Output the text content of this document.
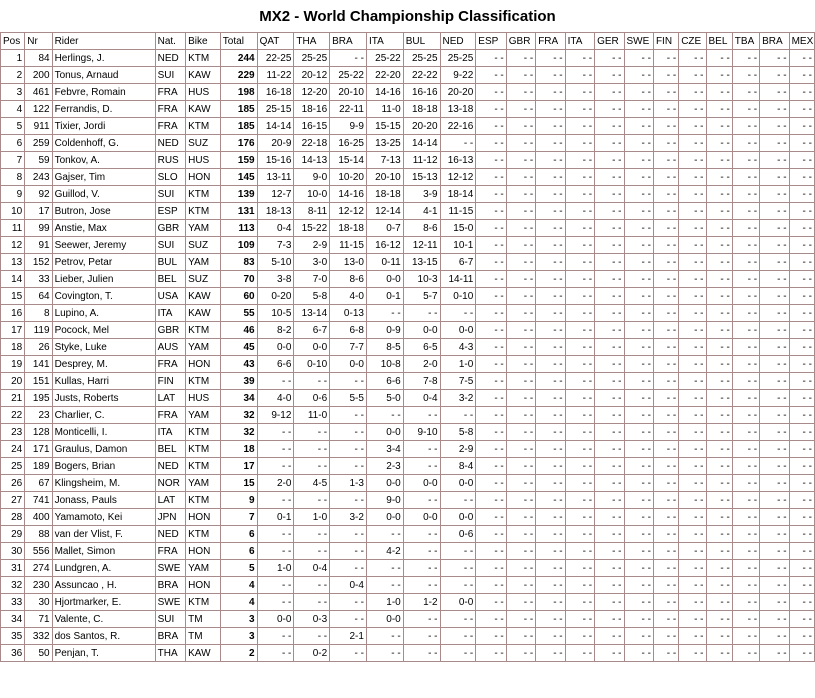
MX2 - World Championship Classification
Pos	Nr	Rider	Nat.	Bike	Total	QAT	THA	BRA	ITA	BUL	NED	ESP	GBR	FRA	ITA	GER	SWE	FIN	CZE	BEL	TBA	BRA	MEX
1	84	Herlings, J.	NED	KTM	244	22-25	25-25	- -	25-22	25-25	25-25	- -	- -	- -	- -	- -	- -	- -	- -	- -	- -	- -	- -
2	200	Tonus, Arnaud	SUI	KAW	229	11-22	20-12	25-22	22-20	22-22	9-22	- -	- -	- -	- -	- -	- -	- -	- -	- -	- -	- -	- -
3	461	Febvre, Romain	FRA	HUS	198	16-18	12-20	20-10	14-16	16-16	20-20	- -	- -	- -	- -	- -	- -	- -	- -	- -	- -	- -	- -
4	122	Ferrandis, D.	FRA	KAW	185	25-15	18-16	22-11	11-0	18-18	13-18	- -	- -	- -	- -	- -	- -	- -	- -	- -	- -	- -	- -
5	911	Tixier, Jordi	FRA	KTM	185	14-14	16-15	9-9	15-15	20-20	22-16	- -	- -	- -	- -	- -	- -	- -	- -	- -	- -	- -	- -
6	259	Coldenhoff, G.	NED	SUZ	176	20-9	22-18	16-25	13-25	14-14	- -	- -	- -	- -	- -	- -	- -	- -	- -	- -	- -	- -	- -
7	59	Tonkov, A.	RUS	HUS	159	15-16	14-13	15-14	7-13	11-12	16-13	- -	- -	- -	- -	- -	- -	- -	- -	- -	- -	- -	- -
8	243	Gajser, Tim	SLO	HON	145	13-11	9-0	10-20	20-10	15-13	12-12	- -	- -	- -	- -	- -	- -	- -	- -	- -	- -	- -	- -
9	92	Guillod, V.	SUI	KTM	139	12-7	10-0	14-16	18-18	3-9	18-14	- -	- -	- -	- -	- -	- -	- -	- -	- -	- -	- -	- -
10	17	Butron, Jose	ESP	KTM	131	18-13	8-11	12-12	12-14	4-1	11-15	- -	- -	- -	- -	- -	- -	- -	- -	- -	- -	- -	- -
11	99	Anstie, Max	GBR	YAM	113	0-4	15-22	18-18	0-7	8-6	15-0	- -	- -	- -	- -	- -	- -	- -	- -	- -	- -	- -	- -
12	91	Seewer, Jeremy	SUI	SUZ	109	7-3	2-9	11-15	16-12	12-11	10-1	- -	- -	- -	- -	- -	- -	- -	- -	- -	- -	- -	- -
13	152	Petrov, Petar	BUL	YAM	83	5-10	3-0	13-0	0-11	13-15	6-7	- -	- -	- -	- -	- -	- -	- -	- -	- -	- -	- -	- -
14	33	Lieber, Julien	BEL	SUZ	70	3-8	7-0	8-6	0-0	10-3	14-11	- -	- -	- -	- -	- -	- -	- -	- -	- -	- -	- -	- -
15	64	Covington, T.	USA	KAW	60	0-20	5-8	4-0	0-1	5-7	0-10	- -	- -	- -	- -	- -	- -	- -	- -	- -	- -	- -	- -
16	8	Lupino, A.	ITA	KAW	55	10-5	13-14	0-13	- -	- -	- -	- -	- -	- -	- -	- -	- -	- -	- -	- -	- -	- -	- -
17	119	Pocock, Mel	GBR	KTM	46	8-2	6-7	6-8	0-9	0-0	0-0	- -	- -	- -	- -	- -	- -	- -	- -	- -	- -	- -	- -
18	26	Styke, Luke	AUS	YAM	45	0-0	0-0	7-7	8-5	6-5	4-3	- -	- -	- -	- -	- -	- -	- -	- -	- -	- -	- -	- -
19	141	Desprey, M.	FRA	HON	43	6-6	0-10	0-0	10-8	2-0	1-0	- -	- -	- -	- -	- -	- -	- -	- -	- -	- -	- -	- -
20	151	Kullas, Harri	FIN	KTM	39	- -	- -	- -	6-6	7-8	7-5	- -	- -	- -	- -	- -	- -	- -	- -	- -	- -	- -	- -
21	195	Justs, Roberts	LAT	HUS	34	4-0	0-6	5-5	5-0	0-4	3-2	- -	- -	- -	- -	- -	- -	- -	- -	- -	- -	- -	- -
22	23	Charlier, C.	FRA	YAM	32	9-12	11-0	- -	- -	- -	- -	- -	- -	- -	- -	- -	- -	- -	- -	- -	- -	- -	- -
23	128	Monticelli, I.	ITA	KTM	32	- -	- -	- -	0-0	9-10	5-8	- -	- -	- -	- -	- -	- -	- -	- -	- -	- -	- -	- -
24	171	Graulus, Damon	BEL	KTM	18	- -	- -	- -	3-4	- -	2-9	- -	- -	- -	- -	- -	- -	- -	- -	- -	- -	- -	- -
25	189	Bogers, Brian	NED	KTM	17	- -	- -	- -	2-3	- -	8-4	- -	- -	- -	- -	- -	- -	- -	- -	- -	- -	- -	- -
26	67	Klingsheim, M.	NOR	YAM	15	2-0	4-5	1-3	0-0	0-0	0-0	- -	- -	- -	- -	- -	- -	- -	- -	- -	- -	- -	- -
27	741	Jonass, Pauls	LAT	KTM	9	- -	- -	- -	9-0	- -	- -	- -	- -	- -	- -	- -	- -	- -	- -	- -	- -	- -	- -
28	400	Yamamoto, Kei	JPN	HON	7	0-1	1-0	3-2	0-0	0-0	0-0	- -	- -	- -	- -	- -	- -	- -	- -	- -	- -	- -	- -
29	88	van der Vlist, F.	NED	KTM	6	- -	- -	- -	- -	- -	0-6	- -	- -	- -	- -	- -	- -	- -	- -	- -	- -	- -	- -
30	556	Mallet, Simon	FRA	HON	6	- -	- -	- -	4-2	- -	- -	- -	- -	- -	- -	- -	- -	- -	- -	- -	- -	- -	- -
31	274	Lundgren, A.	SWE	YAM	5	1-0	0-4	- -	- -	- -	- -	- -	- -	- -	- -	- -	- -	- -	- -	- -	- -	- -	- -
32	230	Assuncao , H.	BRA	HON	4	- -	- -	0-4	- -	- -	- -	- -	- -	- -	- -	- -	- -	- -	- -	- -	- -	- -	- -
33	30	Hjortmarker, E.	SWE	KTM	4	- -	- -	- -	1-0	1-2	0-0	- -	- -	- -	- -	- -	- -	- -	- -	- -	- -	- -	- -
34	71	Valente, C.	SUI	TM	3	0-0	0-3	- -	0-0	- -	- -	- -	- -	- -	- -	- -	- -	- -	- -	- -	- -	- -	- -
35	332	dos Santos, R.	BRA	TM	3	- -	- -	2-1	- -	- -	- -	- -	- -	- -	- -	- -	- -	- -	- -	- -	- -	- -	- -
36	50	Penjan, T.	THA	KAW	2	- -	0-2	- -	- -	- -	- -	- -	- -	- -	- -	- -	- -	- -	- -	- -	- -	- -	- -
